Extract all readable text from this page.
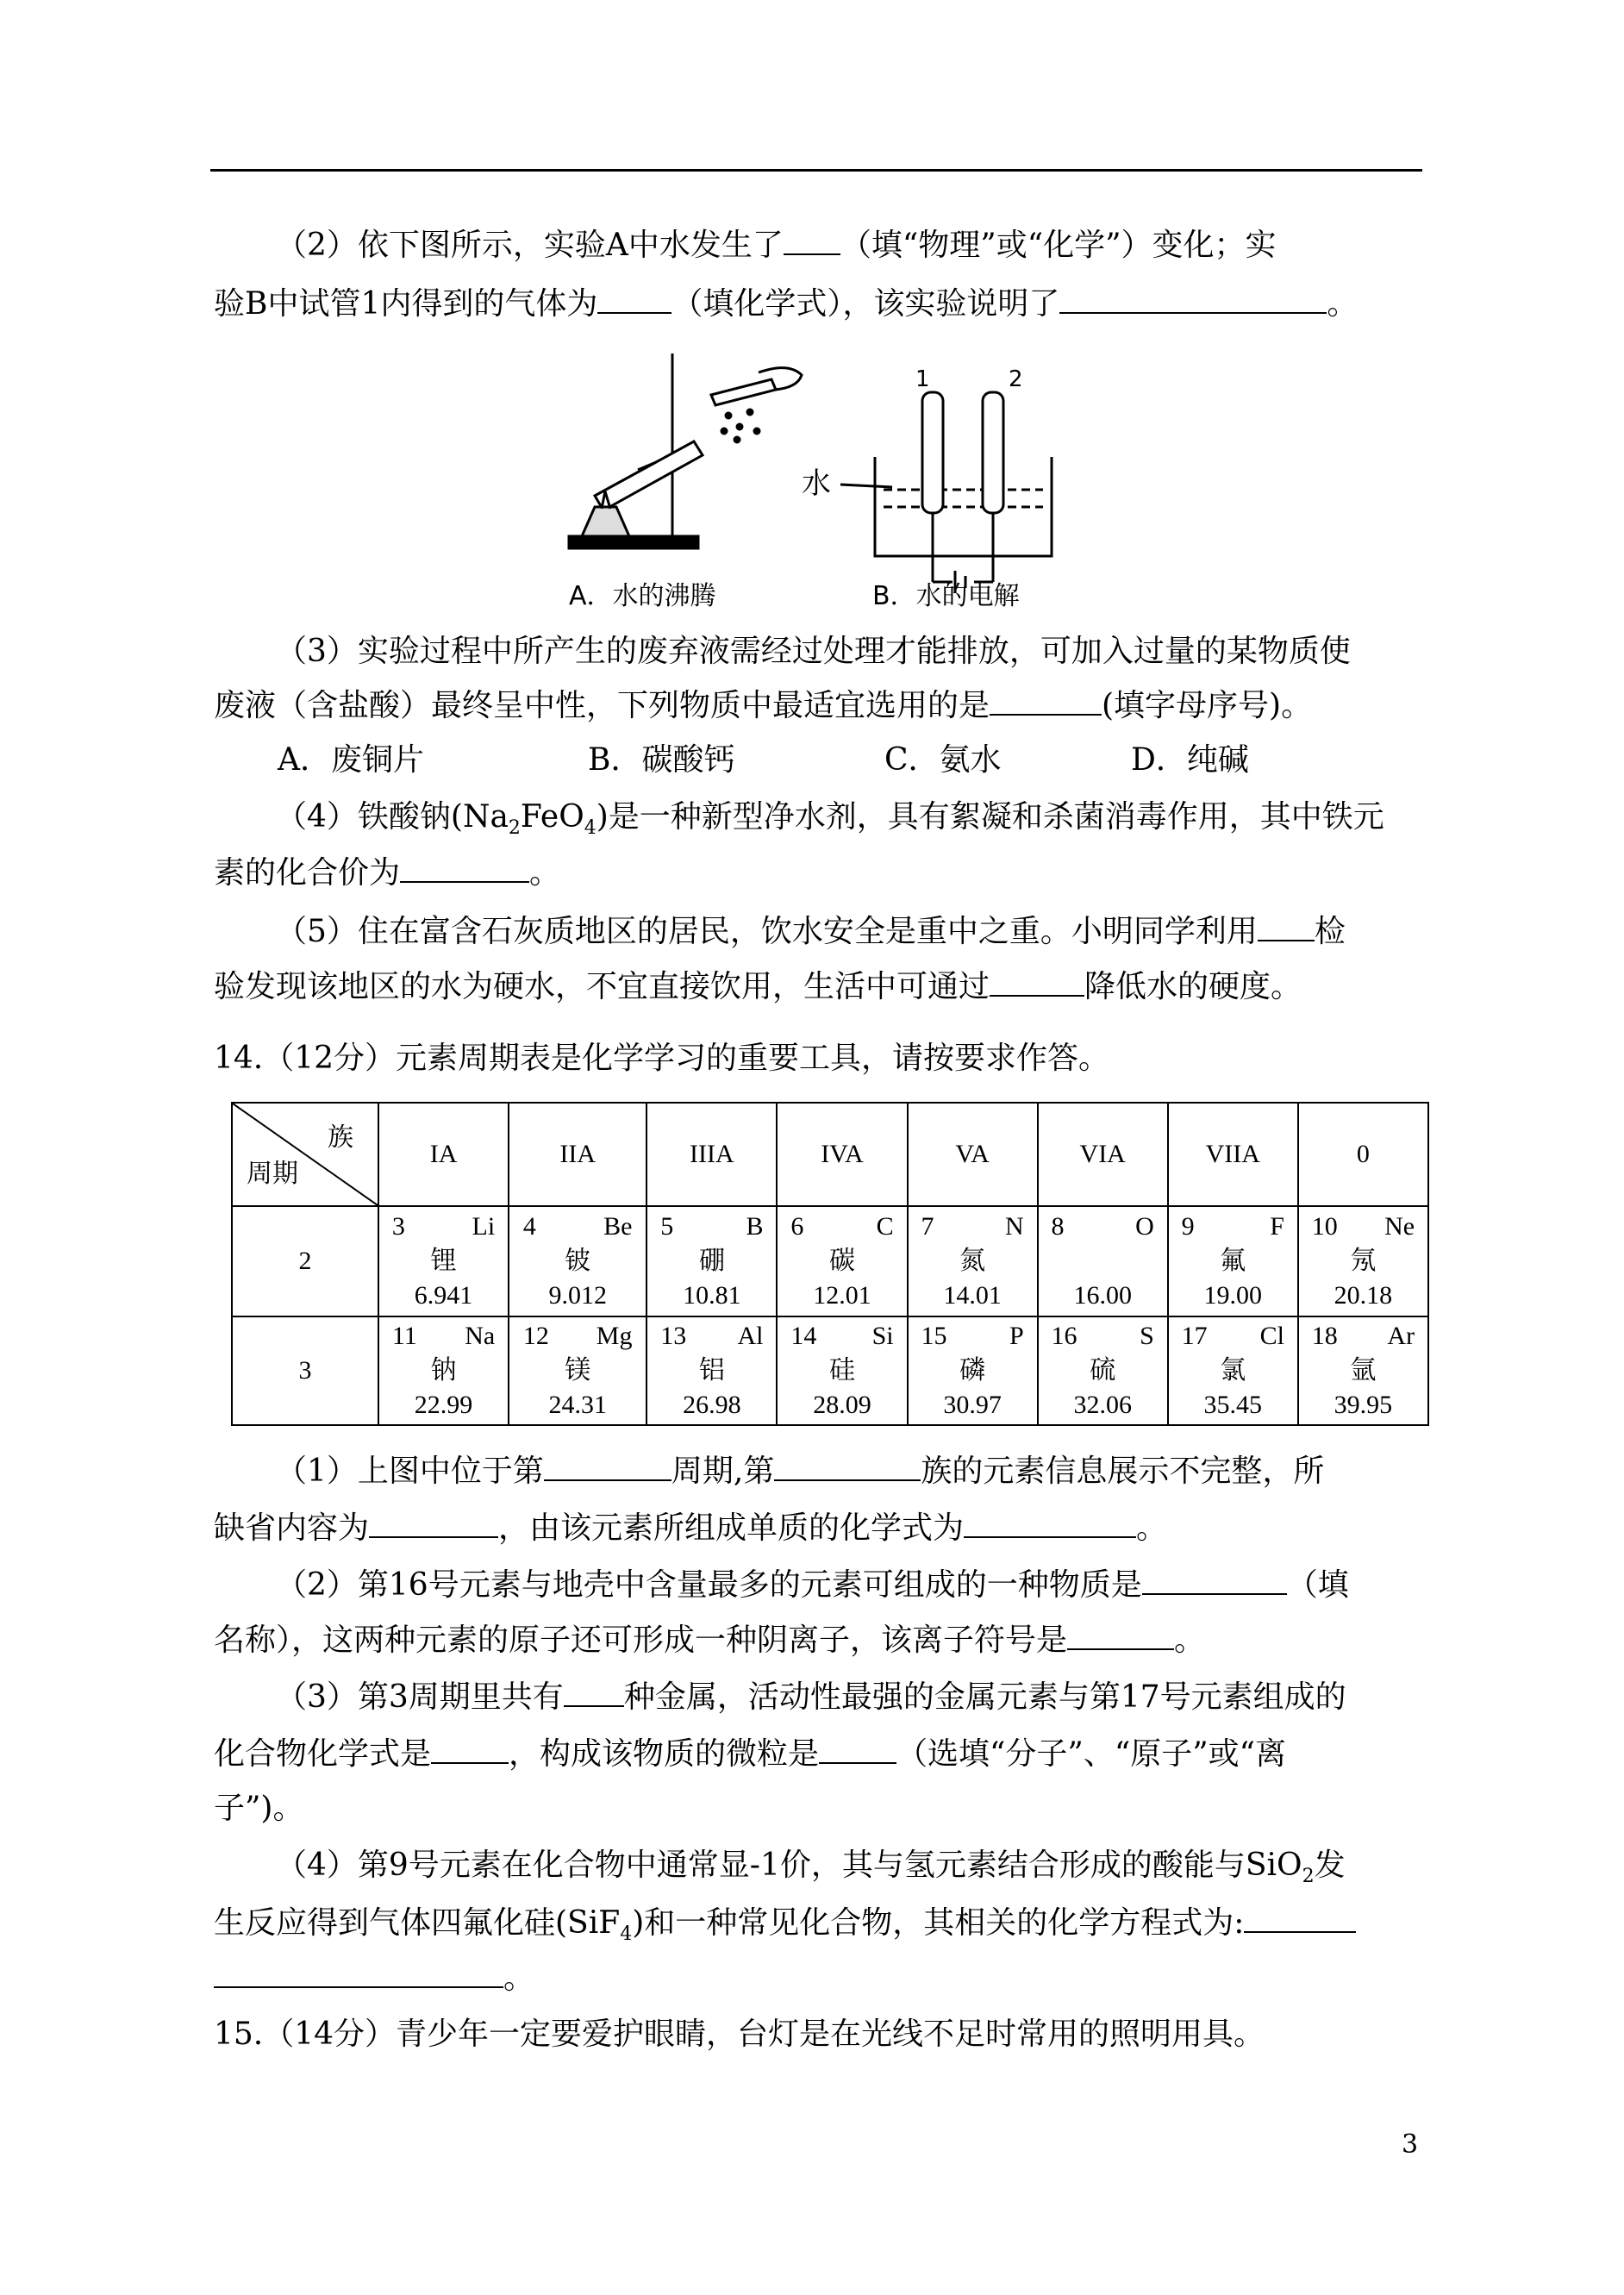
（2）依下图所示，实验A中水发生了 （填“物理”或“化学”）变化；实
验B中试管1内得到的气体为 （填化学式），该实验说明了	。
1	2
水
A．水的沸腾	B．水的电解
（3）实验过程中所产生的废弃液需经过处理才能排放，可加入过量的某物质使
废液（含盐酸）最终呈中性，下列物质中最适宜选用的是	(填字母序号)。
A．废铜片	B．碳酸钙	C．氨水	D．纯碱
（4）铁酸钠$(Na_2FeO_4)$是一种新型净水剂，具有絮凝和杀菌消毒作用，其中铁元
素的化合价为	。
（5）住在富含石灰质地区的居民，饮水安全是重中之重。小明同学利用 检
验发现该地区的水为硬水，不宜直接饮用，生活中可通过	降低水的硬度。
14.（12分）元素周期表是化学学习的重要工具，请按要求作答。
族
周期	IA	IIA	IIIA	IVA	VA	VIA	VIIA	0
2	3 Li
锂
6.941	4 Be
铍
9.012	5 B
硼
10.81	6 C
碳
12.01	7 N
氮
14.01	8 O
16.00	9 F
氟
19.00	10 Ne
氖
20.18

3	11 Na
钠
22.99	12 Mg
镁
24.31	13 Al
铝
26.98	14 Si
硅
28.09	15 P
磷
30.97	16 S
硫
32.06	17 Cl
氯
35.45	18 Ar
氩
39.95
（1）上图中位于第	周期,第	族的元素信息展示不完整，所
缺省内容为	，由该元素所组成单质的化学式为	。
（2）第16号元素与地壳中含量最多的元素可组成的一种物质是	（填
名称），这两种元素的原子还可形成一种阴离子，该离子符号是	。
（3）第3周期里共有 种金属，活动性最强的金属元素与第17号元素组成的
化合物化学式是	，构成该物质的微粒是	（选填“分子”、“原子”或“离
子”)。
（4）第9号元素在化合物中通常显-1价，其与氢元素结合形成的酸能与SiO$_2$发
生反应得到气体四氟化硅(SiF$_4$)和一种常见化合物，其相关的化学方程式为:
。
15.（14分）青少年一定要爱护眼睛，台灯是在光线不足时常用的照明用具。
3
